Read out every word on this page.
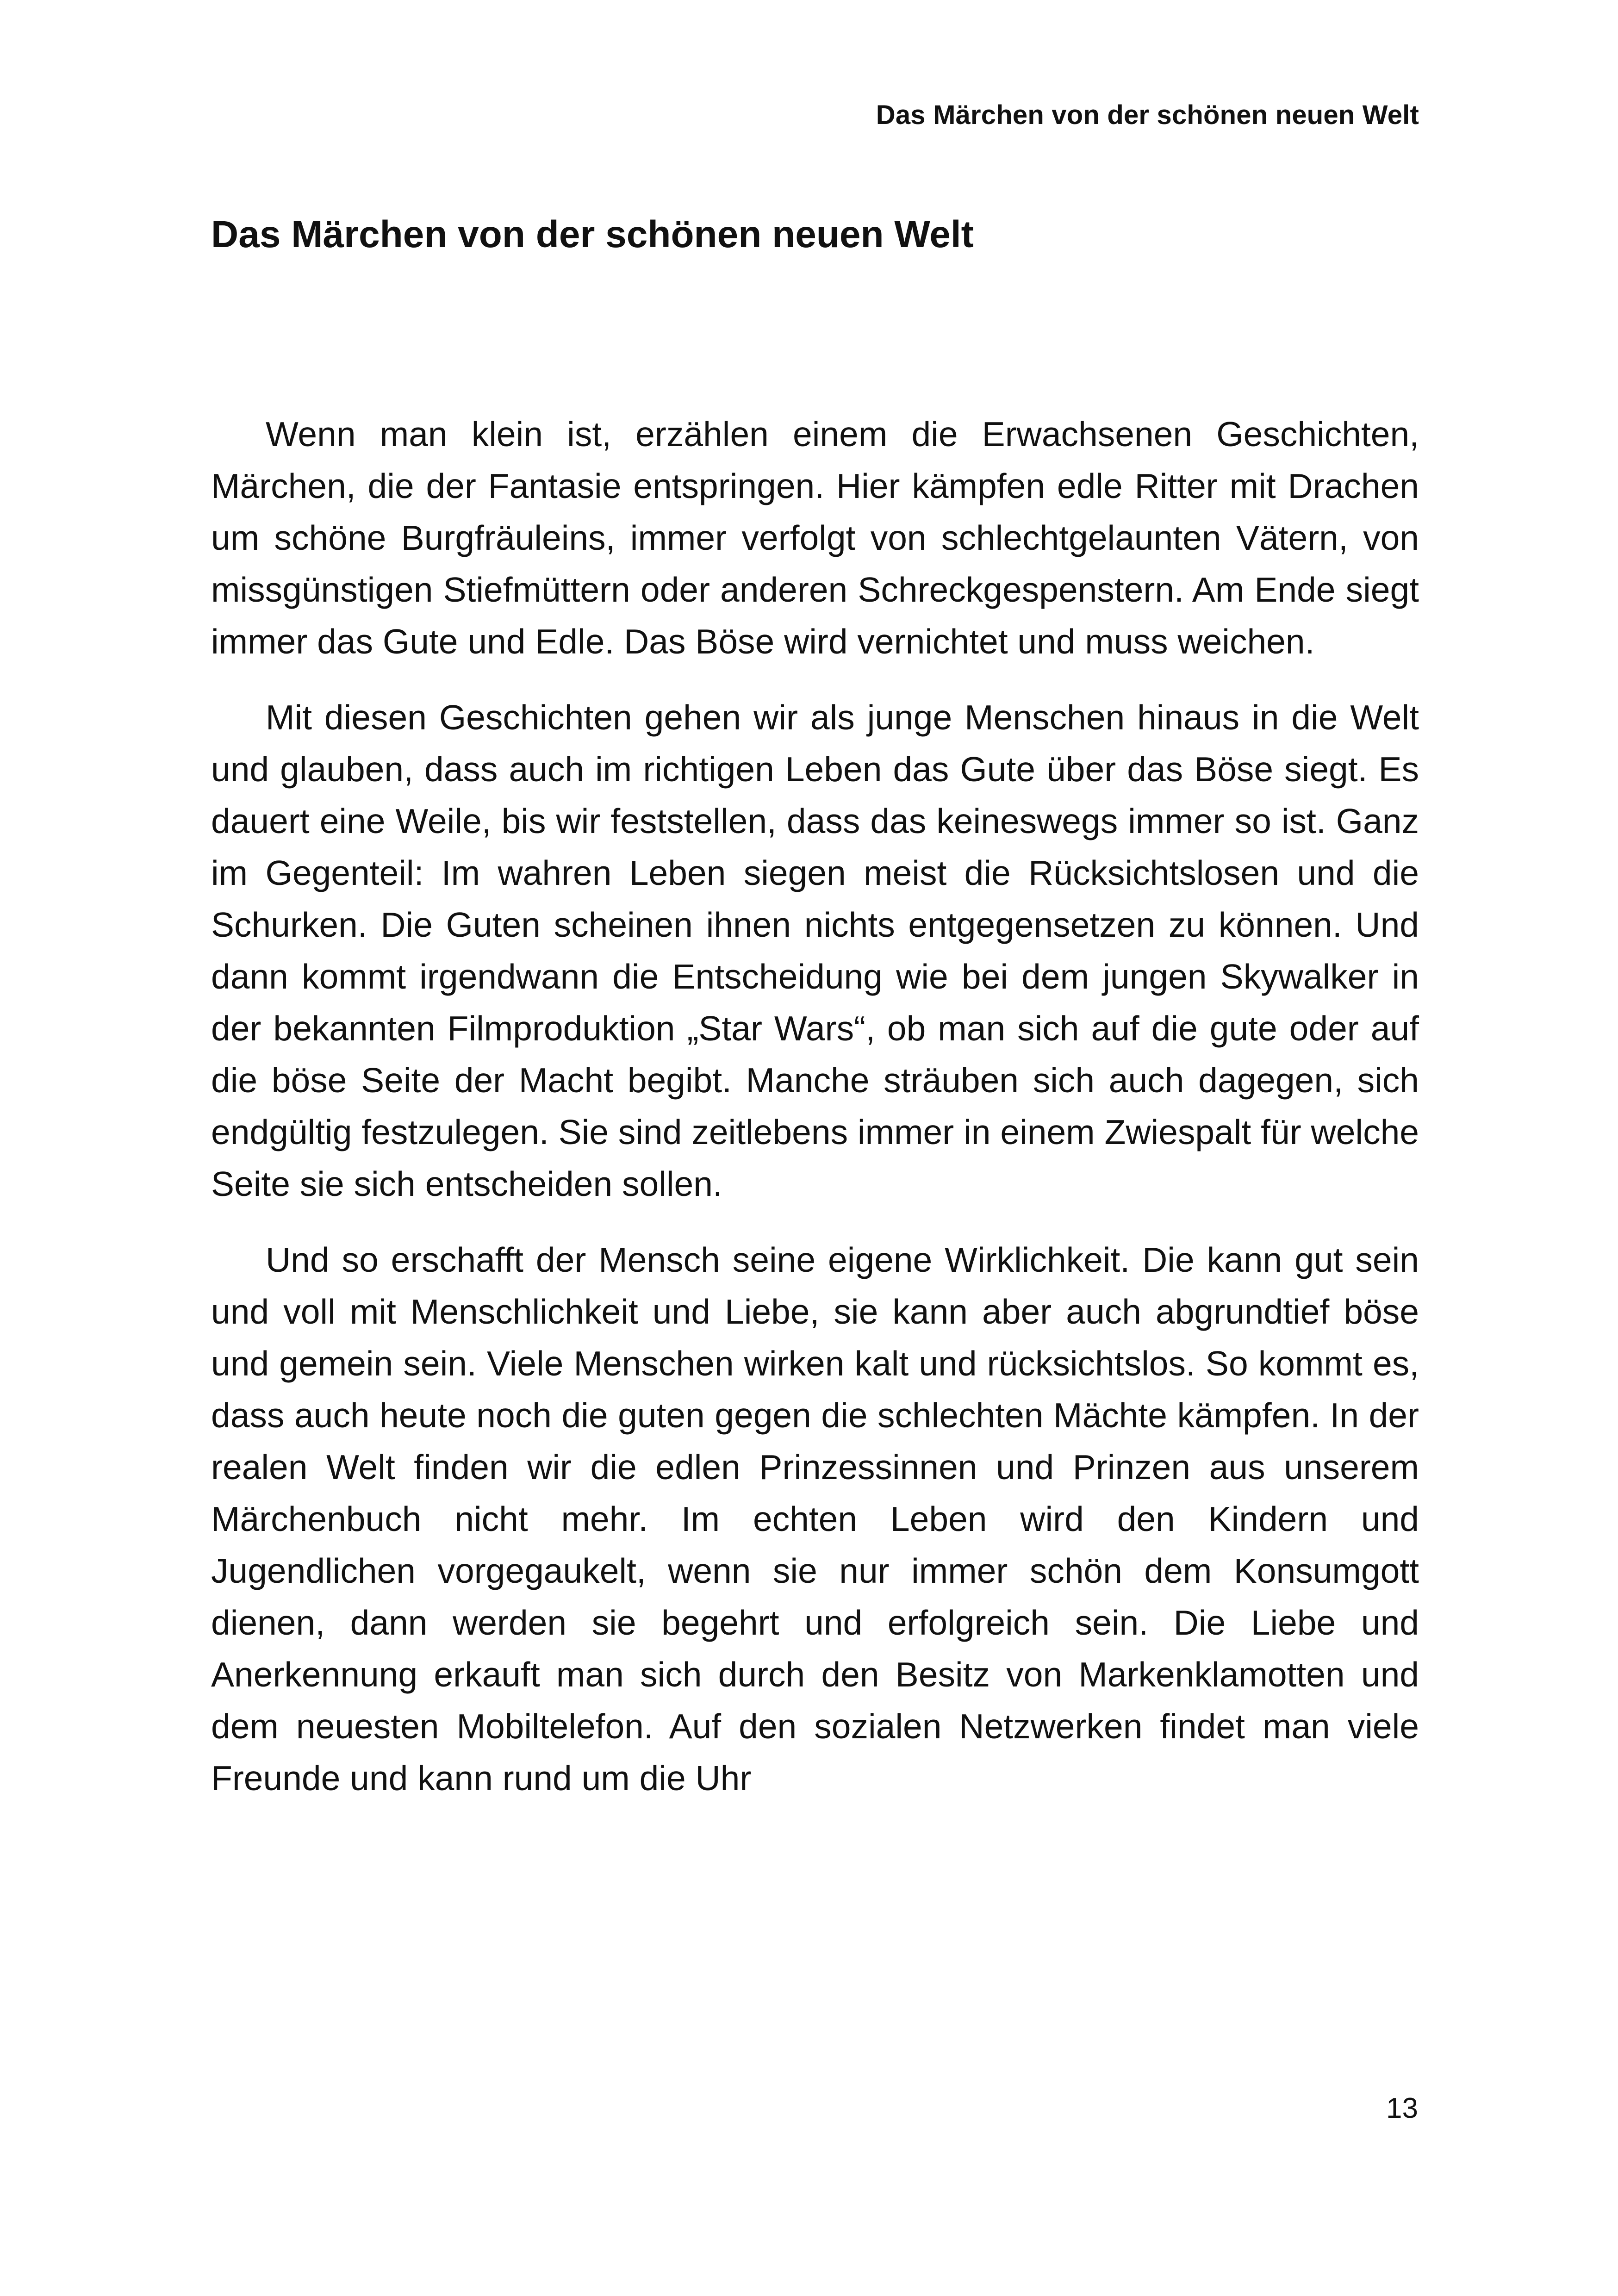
Das Märchen von der schönen neuen Welt
Das Märchen von der schönen neuen Welt

Wenn man klein ist, erzählen einem die Erwachsenen Geschichten, Märchen, die der Fantasie entspringen. Hier kämpfen edle Ritter mit Drachen um schöne Burgfräuleins, immer verfolgt von schlechtgelaunten Vätern, von missgünstigen Stiefmüttern oder anderen Schreckgespenstern. Am Ende siegt immer das Gute und Edle. Das Böse wird vernichtet und muss weichen.

Mit diesen Geschichten gehen wir als junge Menschen hinaus in die Welt und glauben, dass auch im richtigen Leben das Gute über das Böse siegt. Es dauert eine Weile, bis wir feststellen, dass das keineswegs immer so ist. Ganz im Gegenteil: Im wahren Leben siegen meist die Rücksichtslosen und die Schurken. Die Guten scheinen ihnen nichts entgegensetzen zu können. Und dann kommt irgendwann die Entscheidung wie bei dem jungen Skywalker in der bekannten Filmproduktion „Star Wars“, ob man sich auf die gute oder auf die böse Seite der Macht begibt. Manche sträuben sich auch dagegen, sich endgültig festzulegen. Sie sind zeitlebens immer in einem Zwiespalt für welche Seite sie sich entscheiden sollen.

Und so erschafft der Mensch seine eigene Wirklichkeit. Die kann gut sein und voll mit Menschlichkeit und Liebe, sie kann aber auch abgrundtief böse und gemein sein. Viele Menschen wirken kalt und rücksichtslos. So kommt es, dass auch heute noch die guten gegen die schlechten Mächte kämpfen. In der realen Welt finden wir die edlen Prinzessinnen und Prinzen aus unserem Märchenbuch nicht mehr. Im echten Leben wird den Kindern und Jugendlichen vorgegaukelt, wenn sie nur immer schön dem Konsumgott dienen, dann werden sie begehrt und erfolgreich sein. Die Liebe und Anerkennung erkauft man sich durch den Besitz von Markenklamotten und dem neuesten Mobiltelefon. Auf den sozialen Netzwerken findet man viele Freunde und kann rund um die Uhr

13
